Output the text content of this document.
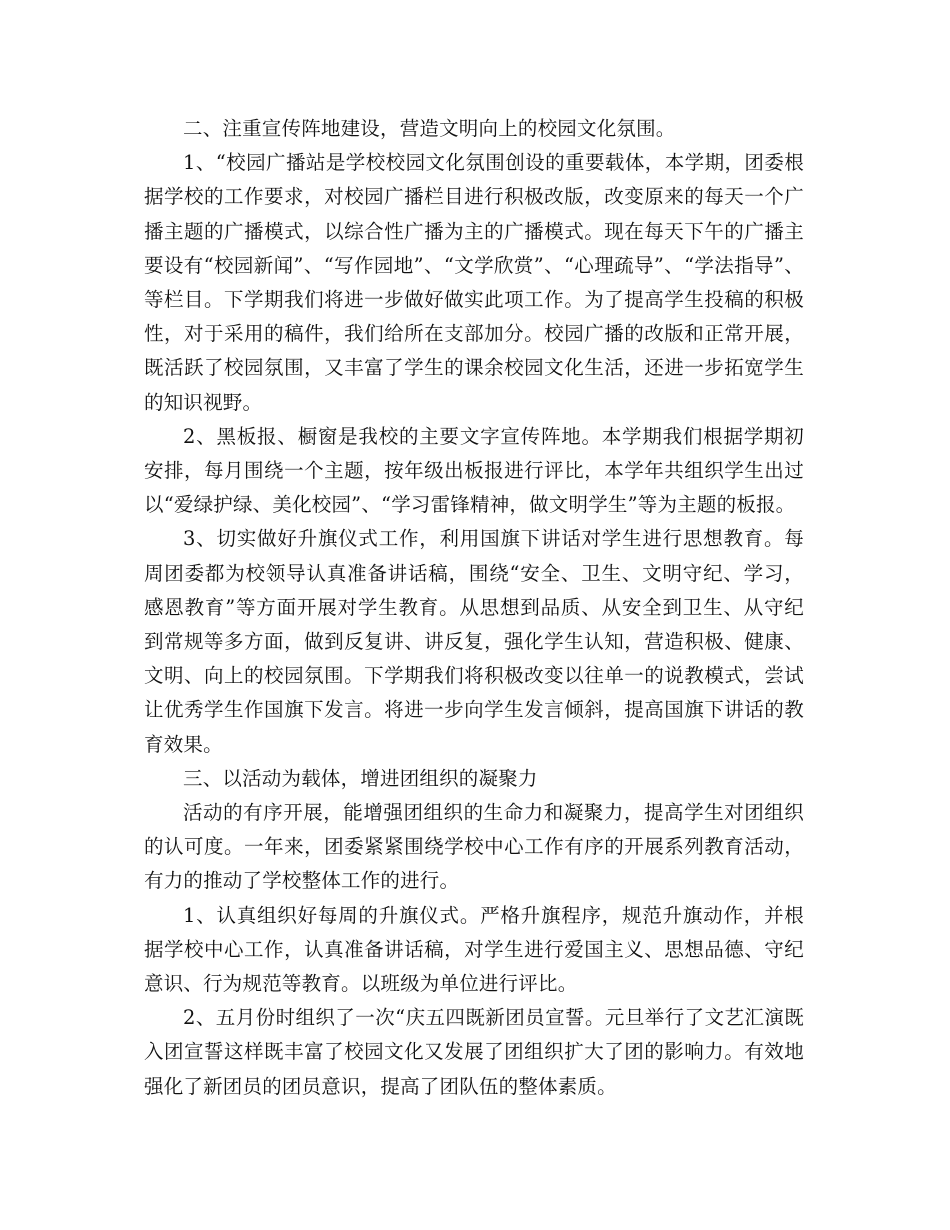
二、注重宣传阵地建设，营造文明向上的校园文化氛围。

1、“校园广播站是学校校园文化氛围创设的重要载体，本学期，团委根据学校的工作要求，对校园广播栏目进行积极改版，改变原来的每天一个广播主题的广播模式，以综合性广播为主的广播模式。现在每天下午的广播主要设有“校园新闻”、“写作园地”、“文学欣赏”、“心理疏导”、“学法指导”、等栏目。下学期我们将进一步做好做实此项工作。为了提高学生投稿的积极性，对于采用的稿件，我们给所在支部加分。校园广播的改版和正常开展，既活跃了校园氛围，又丰富了学生的课余校园文化生活，还进一步拓宽学生的知识视野。

2、黑板报、橱窗是我校的主要文字宣传阵地。本学期我们根据学期初安排，每月围绕一个主题，按年级出板报进行评比，本学年共组织学生出过以“爱绿护绿、美化校园”、“学习雷锋精神，做文明学生”等为主题的板报。

3、切实做好升旗仪式工作，利用国旗下讲话对学生进行思想教育。每周团委都为校领导认真准备讲话稿，围绕“安全、卫生、文明守纪、学习，感恩教育”等方面开展对学生教育。从思想到品质、从安全到卫生、从守纪到常规等多方面，做到反复讲、讲反复，强化学生认知，营造积极、健康、文明、向上的校园氛围。下学期我们将积极改变以往单一的说教模式，尝试让优秀学生作国旗下发言。将进一步向学生发言倾斜，提高国旗下讲话的教育效果。

三、以活动为载体，增进团组织的凝聚力

活动的有序开展，能增强团组织的生命力和凝聚力，提高学生对团组织的认可度。一年来，团委紧紧围绕学校中心工作有序的开展系列教育活动，有力的推动了学校整体工作的进行。

1、认真组织好每周的升旗仪式。严格升旗程序，规范升旗动作，并根据学校中心工作，认真准备讲话稿，对学生进行爱国主义、思想品德、守纪意识、行为规范等教育。以班级为单位进行评比。

2、五月份时组织了一次“庆五四既新团员宣誓。元旦举行了文艺汇演既入团宣誓这样既丰富了校园文化又发展了团组织扩大了团的影响力。有效地强化了新团员的团员意识，提高了团队伍的整体素质。
